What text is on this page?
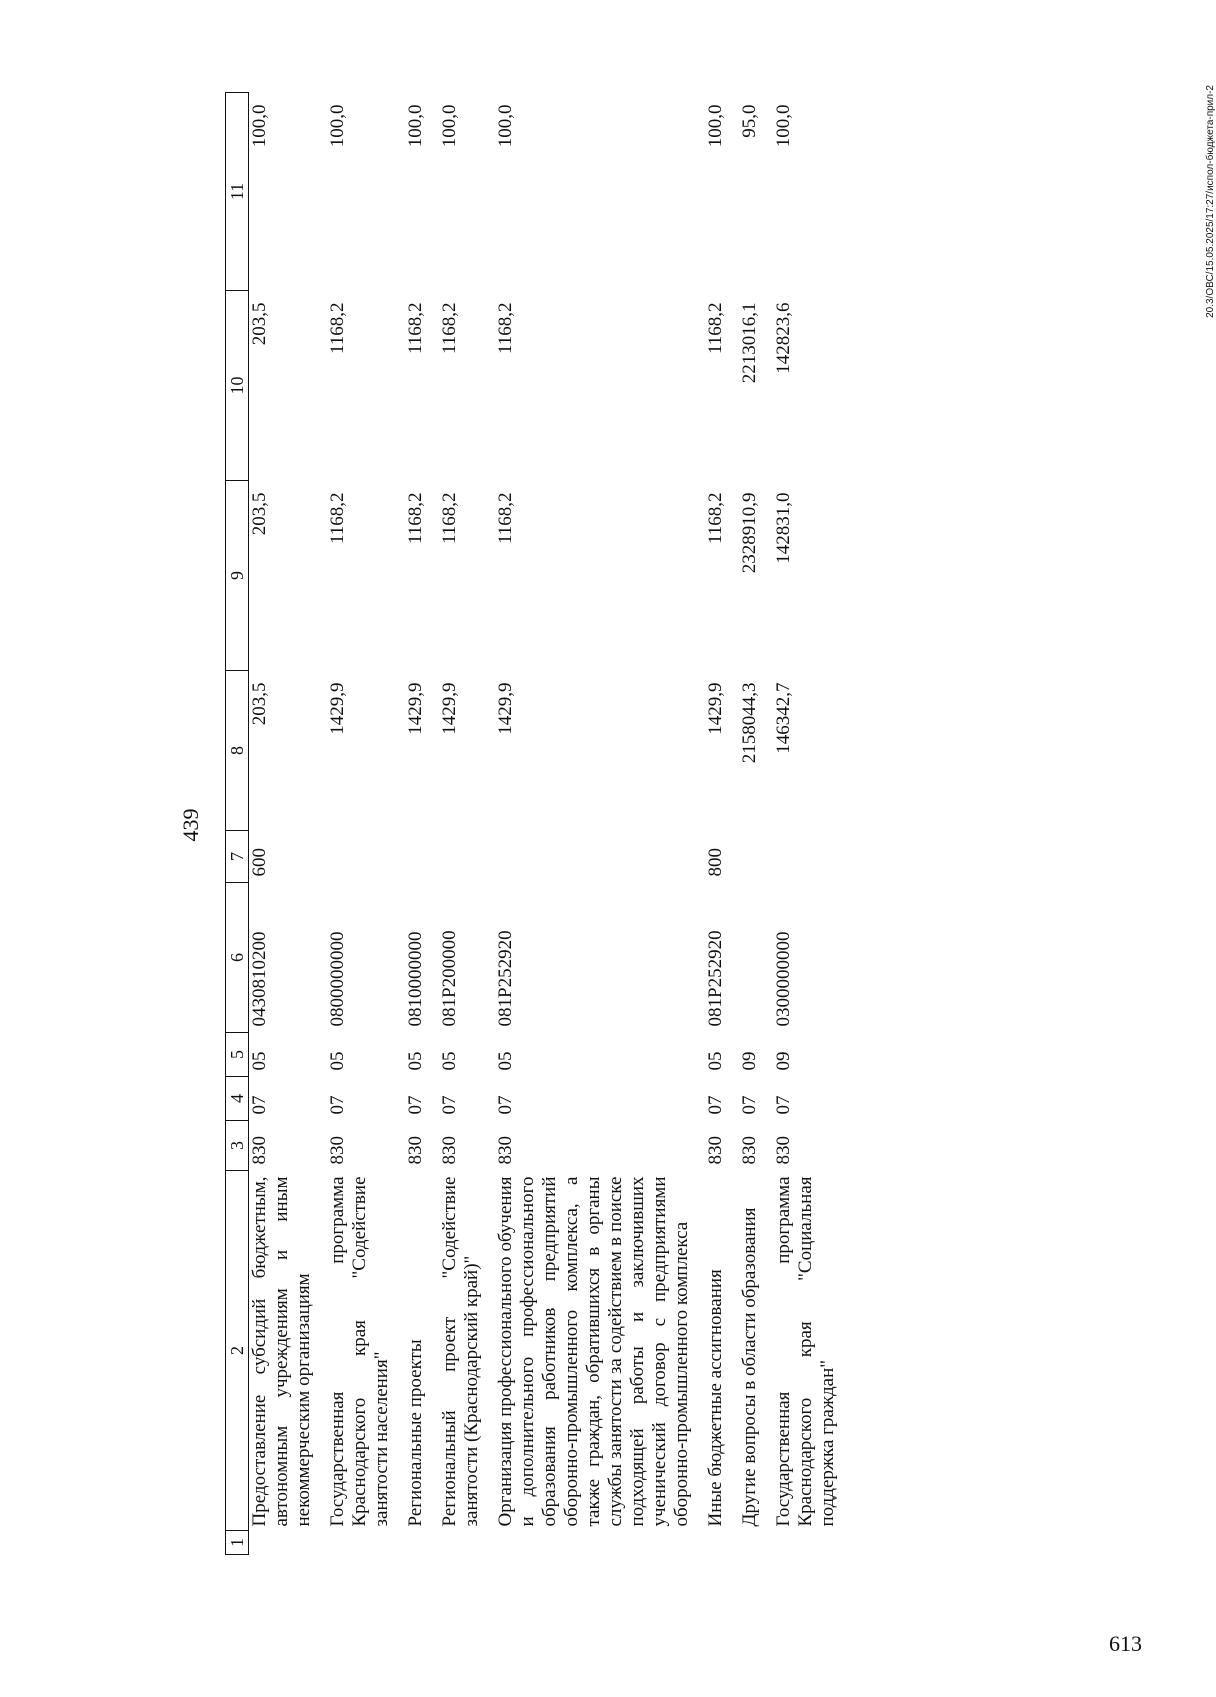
439
1	2	3	4	5	6	7	8	9	10	11
	Предоставление субсидий бюджетным, автономным учреждениям и иным некоммерческим организациям	830	07	05	0430810200	600	203,5	203,5	203,5	100,0
	Государственная программа Краснодарского края "Содействие занятости населения"	830	07	05	0800000000		1429,9	1168,2	1168,2	100,0
	Региональные проекты	830	07	05	0810000000		1429,9	1168,2	1168,2	100,0
	Региональный проект "Содействие занятости (Краснодарский край)"	830	07	05	081Р200000		1429,9	1168,2	1168,2	100,0
	Организация профессионального обучения и дополнительного профессионального образования работников предприятий оборонно-промышленного комплекса, а также граждан, обратившихся в органы службы занятости за содействием в поиске подходящей работы и заключивших ученический договор с предприятиями оборонно-промышленного комплекса	830	07	05	081Р252920		1429,9	1168,2	1168,2	100,0
	Иные бюджетные ассигнования	830	07	05	081Р252920	800	1429,9	1168,2	1168,2	100,0
	Другие вопросы в области образования	830	07	09			2158044,3	2328910,9	2213016,1	95,0
	Государственная программа Краснодарского края "Социальная поддержка граждан"	830	07	09	0300000000		146342,7	142831,0	142823,6	100,0	20.3/ОВС/15.05.2025/17:27/испол-бюджета-прил-2
613
